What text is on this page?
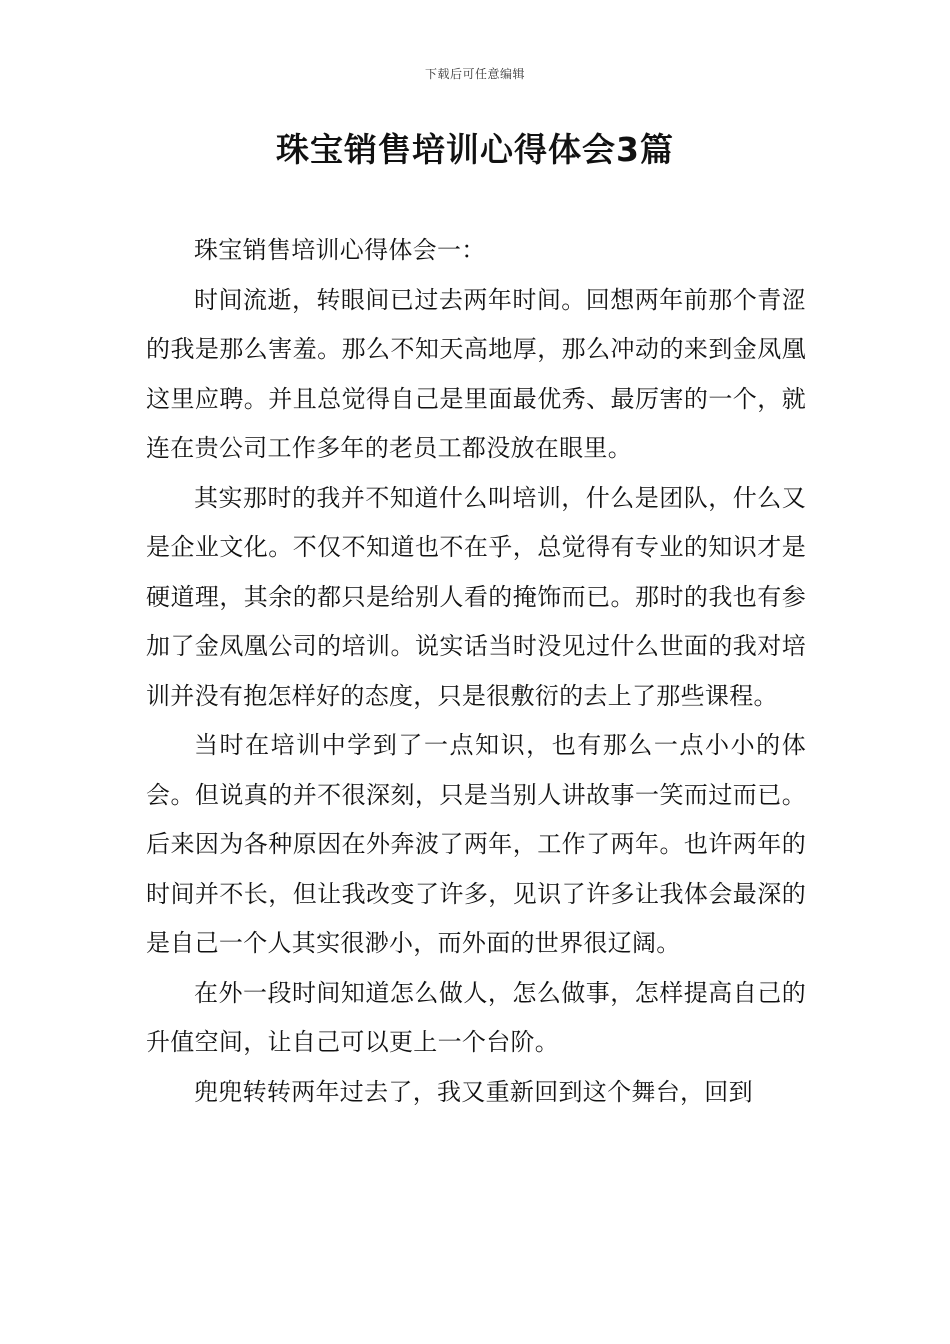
下载后可任意编辑
珠宝销售培训心得体会3篇

珠宝销售培训心得体会一：

时间流逝，转眼间已过去两年时间。回想两年前那个青涩的我是那么害羞。那么不知天高地厚，那么冲动的来到金凤凰这里应聘。并且总觉得自己是里面最优秀、最厉害的一个，就连在贵公司工作多年的老员工都没放在眼里。

其实那时的我并不知道什么叫培训，什么是团队，什么又是企业文化。不仅不知道也不在乎，总觉得有专业的知识才是硬道理，其余的都只是给别人看的掩饰而已。那时的我也有参加了金凤凰公司的培训。说实话当时没见过什么世面的我对培训并没有抱怎样好的态度，只是很敷衍的去上了那些课程。

当时在培训中学到了一点知识，也有那么一点小小的体会。但说真的并不很深刻，只是当别人讲故事一笑而过而已。后来因为各种原因在外奔波了两年，工作了两年。也许两年的时间并不长，但让我改变了许多，见识了许多让我体会最深的是自己一个人其实很渺小，而外面的世界很辽阔。

在外一段时间知道怎么做人，怎么做事，怎样提高自己的升值空间，让自己可以更上一个台阶。

兜兜转转两年过去了，我又重新回到这个舞台，回到
